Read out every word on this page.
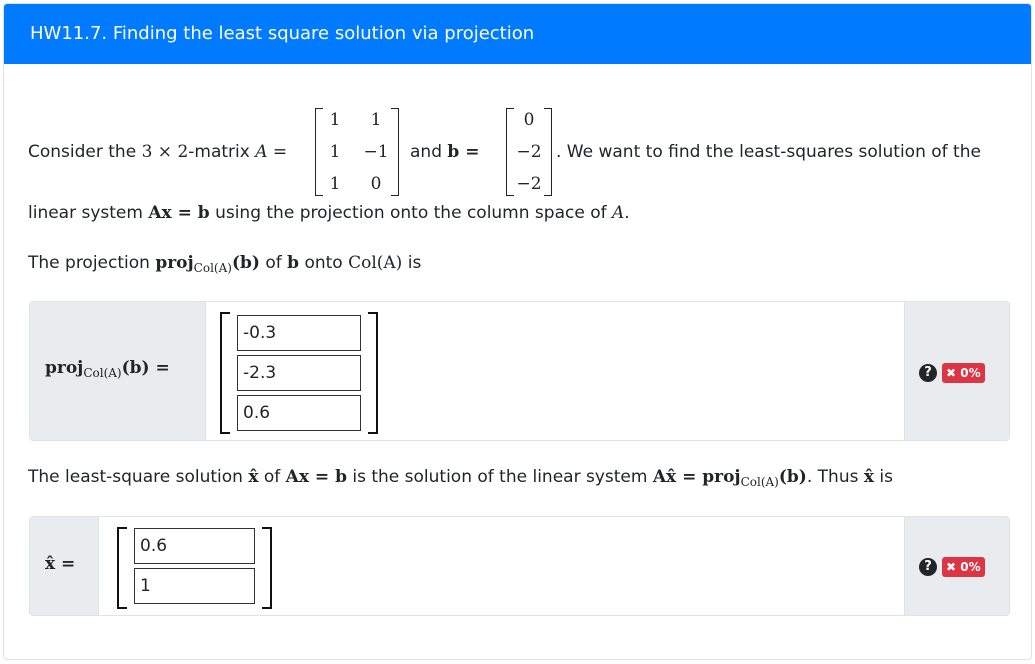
HW11.7. Finding the least square solution via projection
Consider the 3 × 2-matrix A =
1	1
1 −1
1	0
and b =
0
−2
−2
. We want to find the least-squares solution of the
linear system Ax = b using the projection onto the column space of A.
The projection proj$_{Col(A)}$(b) of b onto Col(A) is
proj$_{Col(A)}$(b) =
-0.3
-2.3
0.6	?	✖ 0%
The least-square solution x̂ of Ax = b is the solution of the linear system Ax̂ = proj$_{Col(A)}$(b). Thus x̂ is
x̂ =
0.6
1	?	✖ 0%
